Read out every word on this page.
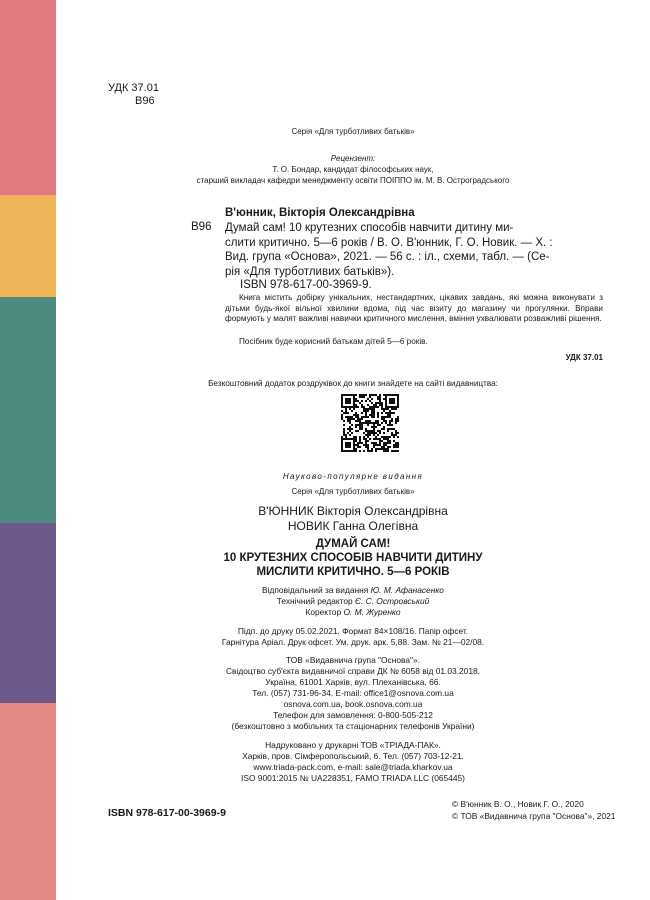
УДК 37.01
В96
Серія «Для турботливих батьків»
Рецензент:
Т. О. Бондар, кандидат філософських наук,
старший викладач кафедри менеджменту освіти ПОІППО ім. М. В. Остроградського
В'юнник, Вікторія Олександрівна
В96 Думай сам! 10 крутезних способів навчити дитину ми-
слити критично. 5—6 років / В. О. В'юнник, Г. О. Новик. — Х. :
Вид. група «Основа», 2021. — 56 с. : іл., схеми, табл. — (Се-
рія «Для турботливих батьків»).
ISBN 978-617-00-3969-9.
Книга містить добірку унікальних, нестандартних, цікавих завдань, які можна виконувати з дітьми будь-якої вільної хвилини вдома, під час візиту до магазину чи прогулянки. Вправи формують у малят важливі навички критичного мислення, вміння ухвалювати розважливі рішення.
Посібник буде корисний батькам дітей 5—6 років.
УДК 37.01
Безкоштовний додаток роздруківок до книги знайдете на сайті видавництва:
Науково-популярне видання
Серія «Для турботливих батьків»
В'ЮННИК Вікторія Олександрівна
НОВИК Ганна Олегівна
ДУМАЙ САМ!
10 КРУТЕЗНИХ СПОСОБІВ НАВЧИТИ ДИТИНУ
МИСЛИТИ КРИТИЧНО. 5—6 РОКІВ
Відповідальний за видання Ю. М. Афанасенко
Технічний редактор Є. С. Островський
Коректор О. М. Журенко
Підп. до друку 05.02.2021. Формат 84×108/16. Папір офсет.
Гарнітура Аріал. Друк офсет. Ум. друк. арк. 5,88. Зам. № 21—02/08.
ТОВ «Видавнича група "Основа"».
Свідоцтво суб'єкта видавничої справи ДК № 6058 від 01.03.2018.
Україна, 61001 Харків, вул. Плеханівська, 66.
Тел. (057) 731-96-34. E-mail: office1@osnova.com.ua
osnova.com.ua, book.osnova.com.ua
Телефон для замовлення: 0-800-505-212
(безкоштовно з мобільних та стаціонарних телефонів України)
Надруковано у друкарні ТОВ «ТРІАДА-ПАК».
Харків, пров. Сімферопольський, 6. Тел. (057) 703-12-21.
www.triada-pack.com, e-mail: sale@triada.kharkov.ua
ISO 9001:2015 № UA228351, FAMO TRIADA LLC (065445)
ISBN 978-617-00-3969-9
© В'юнник В. О., Новик Г. О., 2020
© ТОВ «Видавнича група "Основа"», 2021
